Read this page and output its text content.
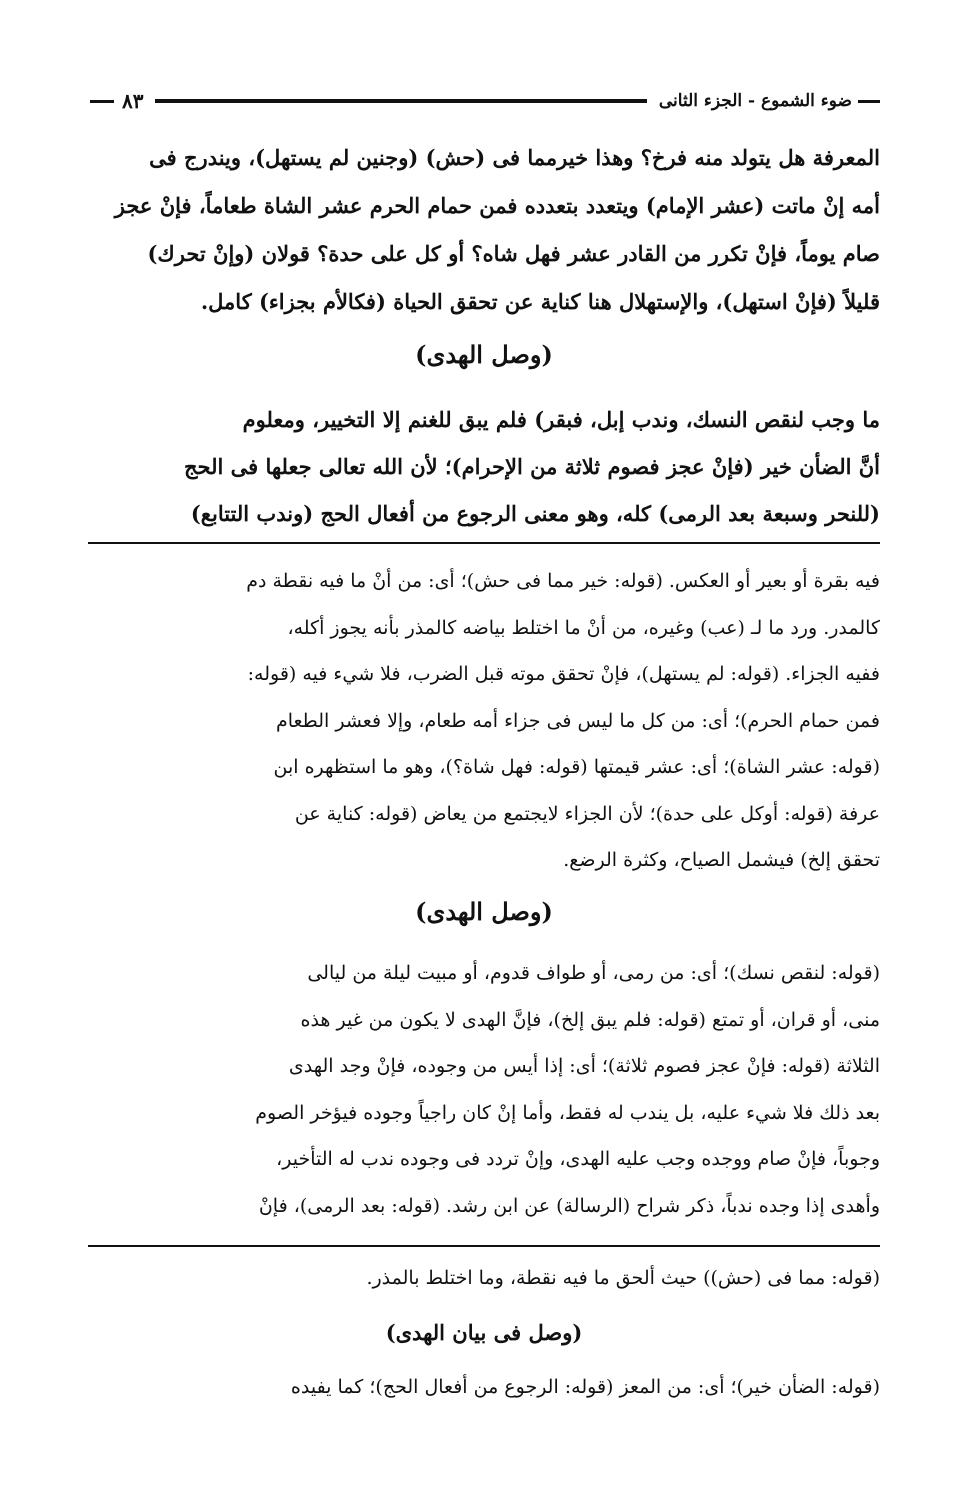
ضوء الشموع - الجزء الثانى
٨٣

المعرفة هل يتولد منه فرخ؟ وهذا خيرمما فى (حش) (وجنين لم يستهل)، ويندرج فى

أمه إنْ ماتت (عشر الإمام) ويتعدد بتعدده فمن حمام الحرم عشر الشاة طعاماً، فإنْ عجز

صام يوماً، فإنْ تكرر من القادر عشر فهل شاه؟ أو كل على حدة؟ قولان (وإنْ تحرك)

قليلاً (فإنْ استهل)، والإستهلال هنا كناية عن تحقق الحياة (فكالأم بجزاء) كامل.

(وصل الهدى)

ما وجب لنقص النسك، وندب إبل، فبقر) فلم يبق للغنم إلا التخيير، ومعلوم

أنَّ الضأن خير (فإنْ عجز فصوم ثلاثة من الإحرام)؛ لأن الله تعالى جعلها فى الحج

(للنحر وسبعة بعد الرمى) كله، وهو معنى الرجوع من أفعال الحج (وندب التتابع)

فيه بقرة أو بعير أو العكس. (قوله: خير مما فى حش)؛ أى: من أنْ ما فيه نقطة دم

كالمدر. ورد ما لـ (عب) وغيره، من أنْ ما اختلط بياضه كالمذر بأنه يجوز أكله،

ففيه الجزاء. (قوله: لم يستهل)، فإنْ تحقق موته قبل الضرب، فلا شيء فيه (قوله:

فمن حمام الحرم)؛ أى: من كل ما ليس فى جزاء أمه طعام، وإلا فعشر الطعام

(قوله: عشر الشاة)؛ أى: عشر قيمتها (قوله: فهل شاة؟)، وهو ما استظهره ابن

عرفة (قوله: أوكل على حدة)؛ لأن الجزاء لايجتمع من يعاض (قوله: كناية عن

تحقق إلخ) فيشمل الصياح، وكثرة الرضع.

(وصل الهدى)

(قوله: لنقص نسك)؛ أى: من رمى، أو طواف قدوم، أو مبيت ليلة من ليالى

منى، أو قران، أو تمتع (قوله: فلم يبق إلخ)، فإنَّ الهدى لا يكون من غير هذه

الثلاثة (قوله: فإنْ عجز فصوم ثلاثة)؛ أى: إذا أيس من وجوده، فإنْ وجد الهدى

بعد ذلك فلا شيء عليه، بل يندب له فقط، وأما إنْ كان راجياً وجوده فيؤخر الصوم

وجوباً، فإنْ صام ووجده وجب عليه الهدى، وإنْ تردد فى وجوده ندب له التأخير،

وأهدى إذا وجده ندباً، ذكر شراح (الرسالة) عن ابن رشد. (قوله: بعد الرمى)، فإنْ

(قوله: مما فى (حش)) حيث ألحق ما فيه نقطة، وما اختلط بالمذر.

(وصل فى بيان الهدى)

(قوله: الضأن خير)؛ أى: من المعز (قوله: الرجوع من أفعال الحج)؛ كما يفيده
